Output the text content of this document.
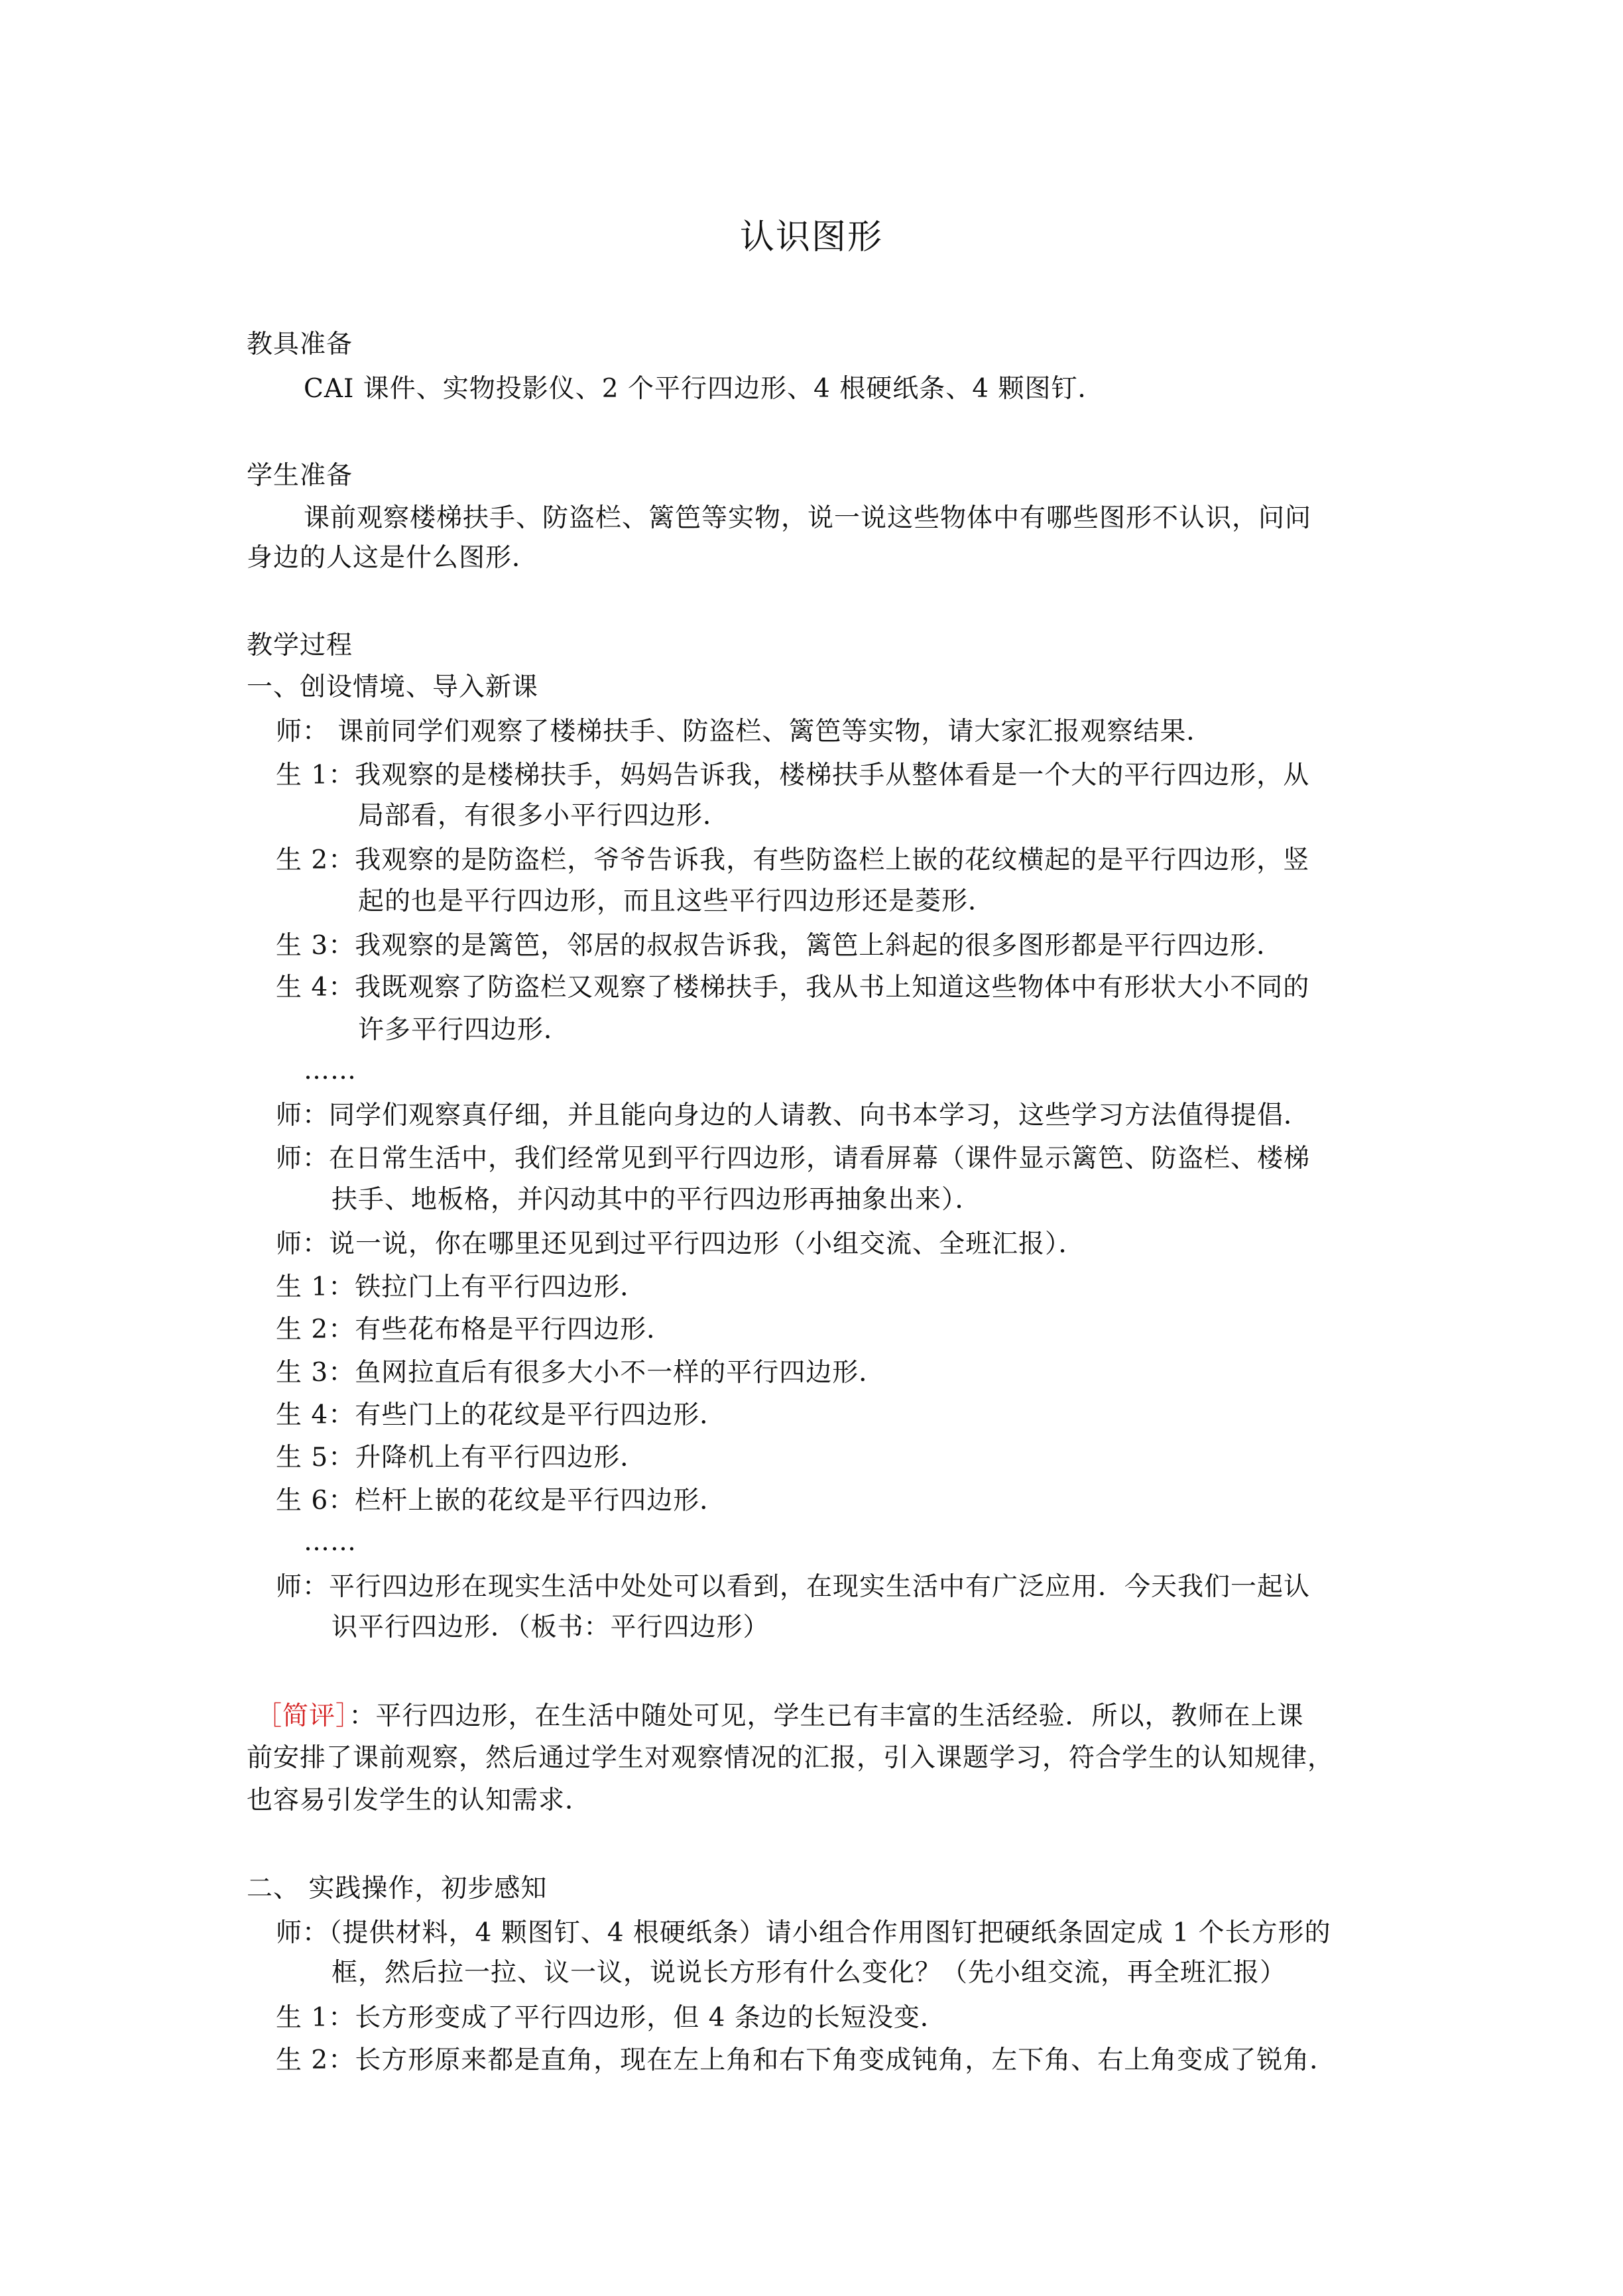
认识图形
教具准备
CAI 课件、实物投影仪、2 个平行四边形、4 根硬纸条、4 颗图钉．
学生准备
课前观察楼梯扶手、防盗栏、篱笆等实物，说一说这些物体中有哪些图形不认识，问问
身边的人这是什么图形．
教学过程
一、创设情境、导入新课
师： 课前同学们观察了楼梯扶手、防盗栏、篱笆等实物，请大家汇报观察结果．
生 1：我观察的是楼梯扶手，妈妈告诉我，楼梯扶手从整体看是一个大的平行四边形，从
局部看，有很多小平行四边形．
生 2：我观察的是防盗栏，爷爷告诉我，有些防盗栏上嵌的花纹横起的是平行四边形，竖
起的也是平行四边形，而且这些平行四边形还是菱形．
生 3：我观察的是篱笆，邻居的叔叔告诉我，篱笆上斜起的很多图形都是平行四边形．
生 4：我既观察了防盗栏又观察了楼梯扶手，我从书上知道这些物体中有形状大小不同的
许多平行四边形．
……
师：同学们观察真仔细，并且能向身边的人请教、向书本学习，这些学习方法值得提倡．
师：在日常生活中，我们经常见到平行四边形，请看屏幕（课件显示篱笆、防盗栏、楼梯
扶手、地板格，并闪动其中的平行四边形再抽象出来）．
师：说一说，你在哪里还见到过平行四边形（小组交流、全班汇报）．
生 1：铁拉门上有平行四边形．
生 2：有些花布格是平行四边形．
生 3：鱼网拉直后有很多大小不一样的平行四边形．
生 4：有些门上的花纹是平行四边形．
生 5：升降机上有平行四边形．
生 6：栏杆上嵌的花纹是平行四边形．
……
师：平行四边形在现实生活中处处可以看到，在现实生活中有广泛应用．今天我们一起认
识平行四边形．（板书：平行四边形）
［简评］：平行四边形，在生活中随处可见，学生已有丰富的生活经验．所以，教师在上课
前安排了课前观察，然后通过学生对观察情况的汇报，引入课题学习，符合学生的认知规律，
也容易引发学生的认知需求．
二、 实践操作，初步感知
师：（提供材料，4 颗图钉、4 根硬纸条）请小组合作用图钉把硬纸条固定成 1 个长方形的
框，然后拉一拉、议一议，说说长方形有什么变化？（先小组交流，再全班汇报）
生 1：长方形变成了平行四边形，但 4 条边的长短没变．
生 2：长方形原来都是直角，现在左上角和右下角变成钝角，左下角、右上角变成了锐角．
